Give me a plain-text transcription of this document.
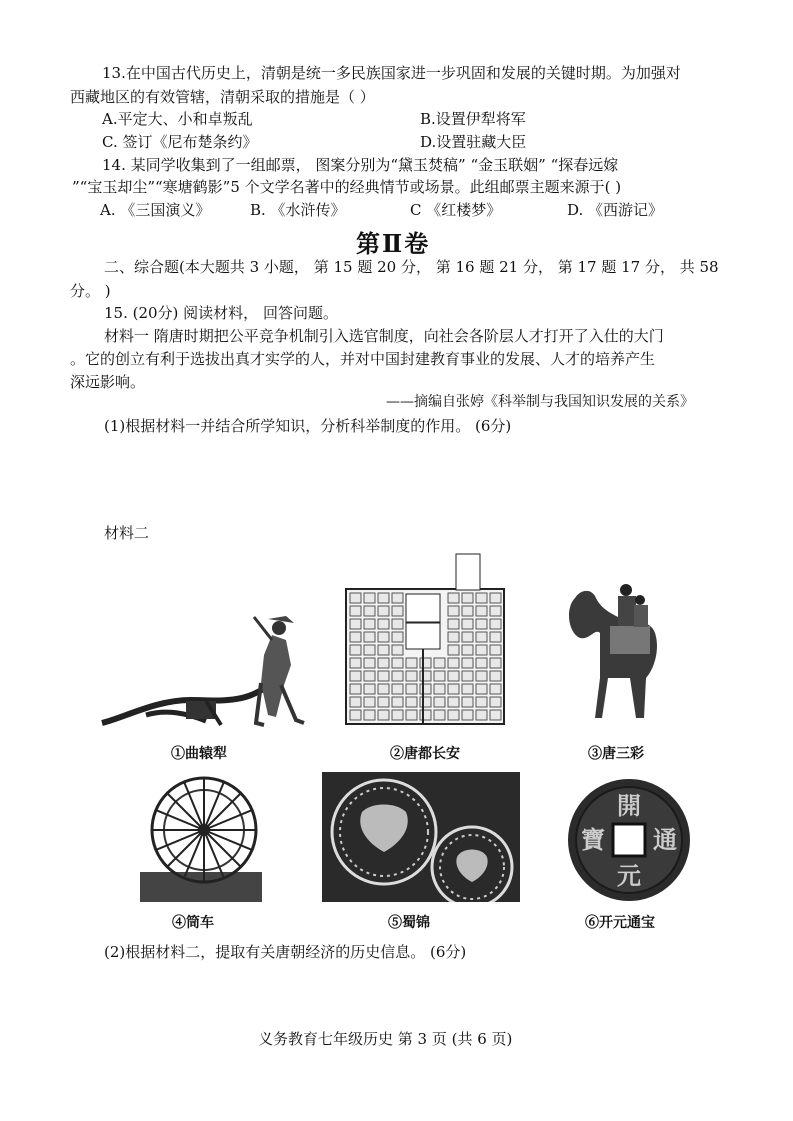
13.在中国古代历史上，清朝是统一多民族国家进一步巩固和发展的关键时期。为加强对
西藏地区的有效管辖，清朝采取的措施是（ ）
A.平定大、小和卓叛乱	B.设置伊犁将军
C. 签订《尼布楚条约》	D.设置驻藏大臣
14. 某同学收集到了一组邮票， 图案分别为“黛玉焚稿” “金玉联姻” “探春远嫁
”“宝玉却尘”“寒塘鹤影”5 个文学名著中的经典情节或场景。此组邮票主题来源于( )
A. 《三国演义》	B. 《水浒传》	C 《红楼梦》	D. 《西游记》
第Ⅱ卷
二、综合题(本大题共 3 小题， 第 15 题 20 分， 第 16 题 21 分， 第 17 题 17 分， 共 58
分。 )
15. (20分) 阅读材料， 回答问题。
材料一 隋唐时期把公平竞争机制引入选官制度，向社会各阶层人才打开了入仕的大门
。它的创立有利于选拔出真才实学的人，并对中国封建教育事业的发展、人才的培养产生
深远影响。
——摘编自张婷《科举制与我国知识发展的关系》
(1)根据材料一并结合所学知识，分析科举制度的作用。 (6分)
材料二
①曲辕犁	②唐都长安	③唐三彩
④筒车	⑤蜀锦
開
元
通
寶
⑥开元通宝
(2)根据材料二，提取有关唐朝经济的历史信息。 (6分)
义务教育七年级历史 第 3 页 (共 6 页)
